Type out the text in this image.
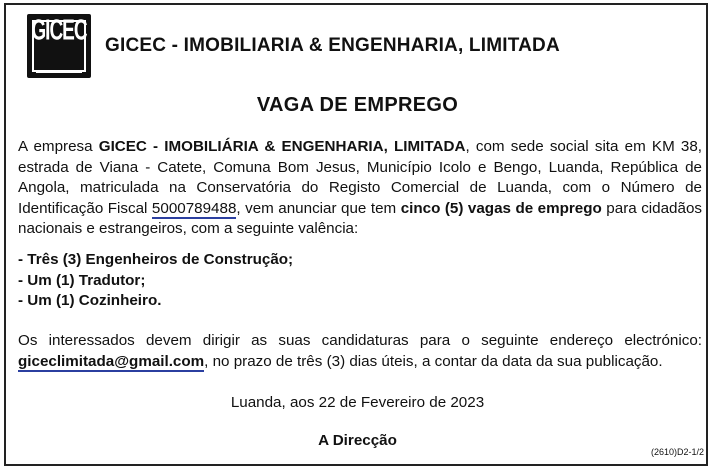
GICEC GICEC - IMOBILIARIA & ENGENHARIA, LIMITADA
VAGA DE EMPREGO
A empresa GICEC - IMOBILIÁRIA & ENGENHARIA, LIMITADA, com sede social sita em KM 38, estrada de Viana - Catete, Comuna Bom Jesus, Município Icolo e Bengo, Luanda, República de Angola, matriculada na Conservatória do Registo Comercial de Luanda, com o Número de Identificação Fiscal 5000789488, vem anunciar que tem cinco (5) vagas de emprego para cidadãos nacionais e estrangeiros, com a seguinte valência:
- Três (3) Engenheiros de Construção;
- Um (1) Tradutor;
- Um (1) Cozinheiro.
Os interessados devem dirigir as suas candidaturas para o seguinte endereço electrónico: giceclimitada@gmail.com, no prazo de três (3) dias úteis, a contar da data da sua publicação.
Luanda, aos 22 de Fevereiro de 2023
A Direcção
(2610)D2-1/2
